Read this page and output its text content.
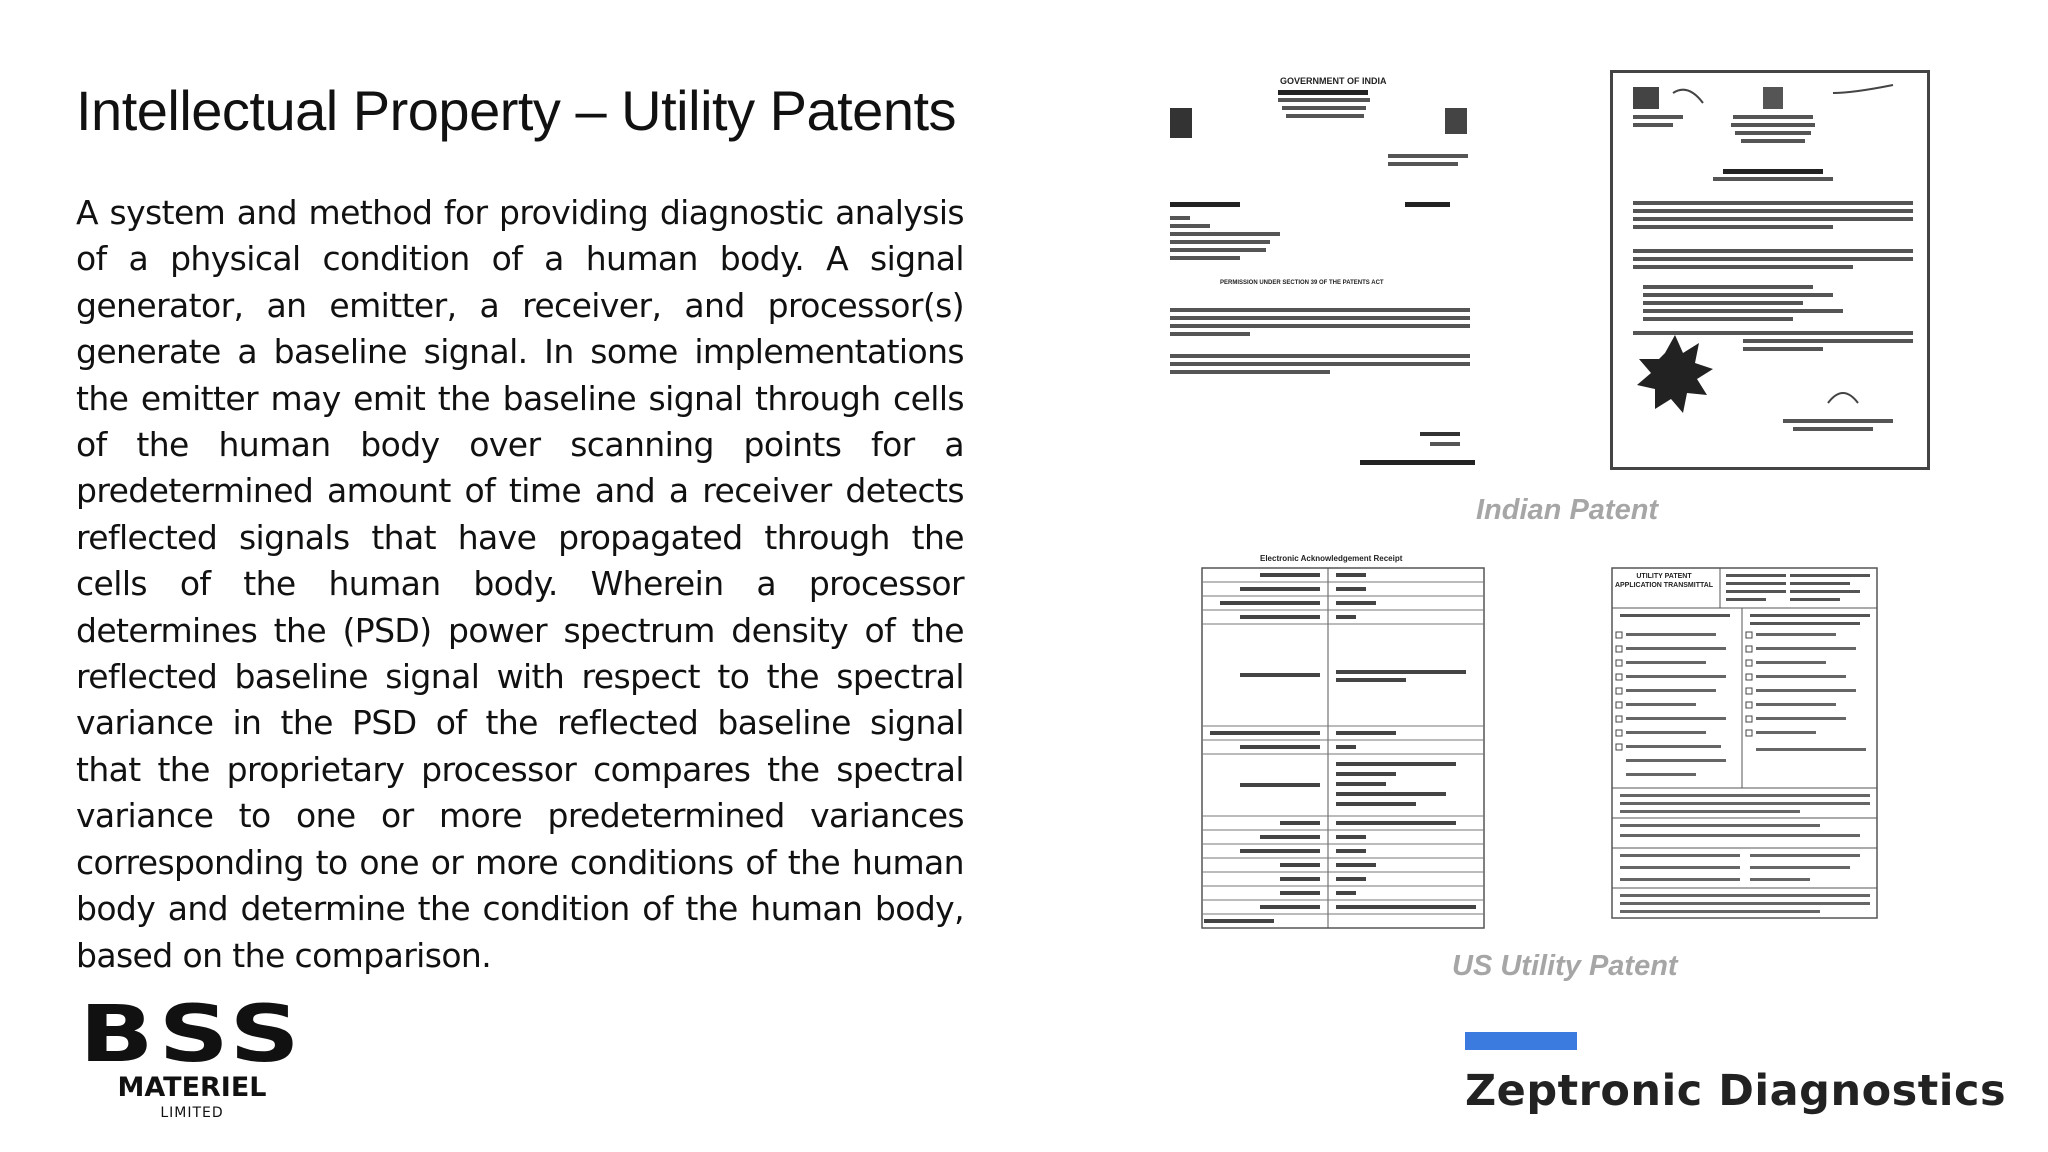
Intellectual Property – Utility Patents

A system and method for providing diagnostic analysis of a physical condition of a human body. A signal generator, an emitter, a receiver, and processor(s) generate a baseline signal. In some implementations the emitter may emit the baseline signal through cells of the human body over scanning points for a predetermined amount of time and a receiver detects reflected signals that have propagated through the cells of the human body. Wherein a processor determines the (PSD) power spectrum density of the reflected baseline signal with respect to the spectral variance in the PSD of the reflected baseline signal that the proprietary processor compares the spectral variance to one or more predetermined variances corresponding to one or more conditions of the human body and determine the condition of the human body, based on the comparison.

GOVERNMENT OF INDIA
PERMISSION UNDER SECTION 39 OF THE PATENTS ACT
Indian Patent
Electronic Acknowledgement Receipt
UTILITY PATENT APPLICATION TRANSMITTAL
US Utility Patent
BSS
MATERIEL
LIMITED	Zeptronic Diagnostics
